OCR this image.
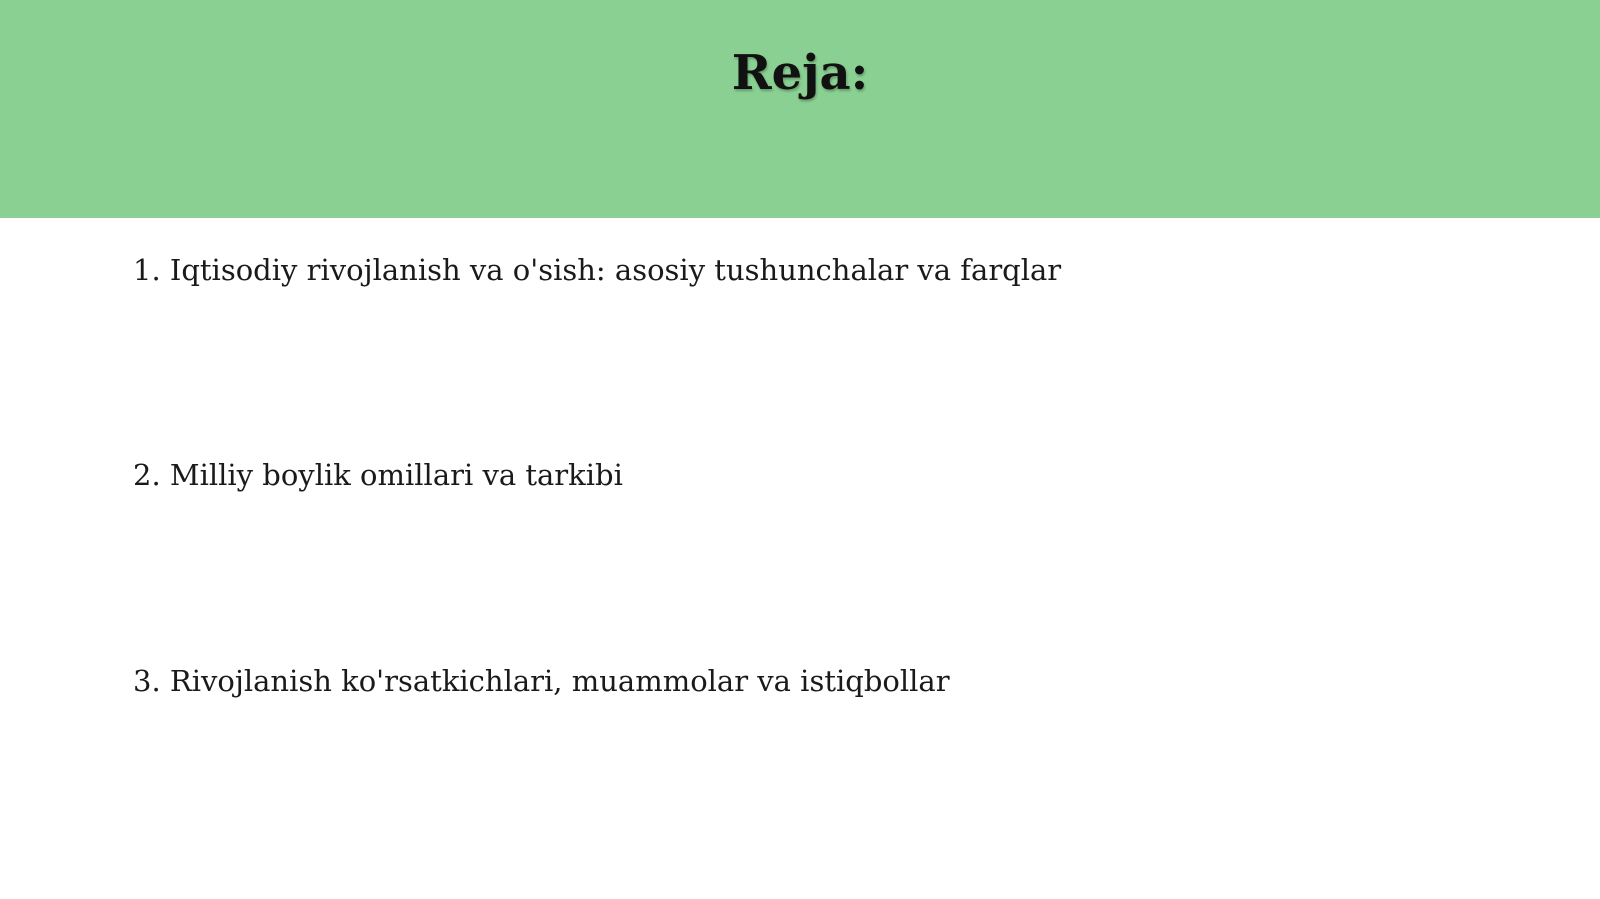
Reja:
1. Iqtisodiy rivojlanish va o'sish: asosiy tushunchalar va farqlar
2. Milliy boylik omillari va tarkibi
3. Rivojlanish ko'rsatkichlari, muammolar va istiqbollar
